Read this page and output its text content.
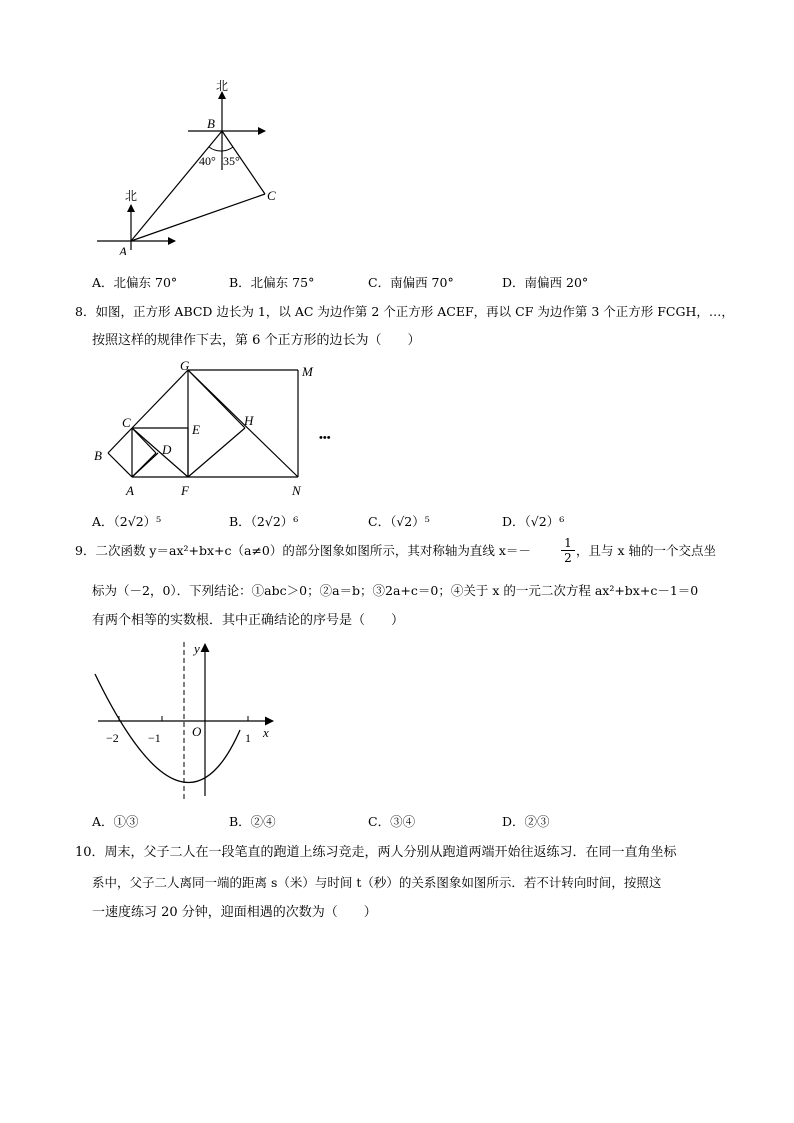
北
北
B
C
A
40° 35°
A．北偏东 70°	B．北偏东 75°	C．南偏西 70°	D．南偏西 20°
8．如图，正方形 ABCD 边长为 1，以 AC 为边作第 2 个正方形 ACEF，再以 CF 为边作第 3 个正方形 FCGH，…，
按照这样的规律作下去，第 6 个正方形的边长为（　　）
G	M
C	E
H
B	D
A	F	N
•••
A．（2√2）⁵	B．（2√2）⁶	C．（√2）⁵	D．（√2）⁶
9．二次函数 y＝ax²+bx+c（a≠0）的部分图象如图所示，其对称轴为直线 x＝－	$\frac{1}{2}$ ，且与 x 轴的一个交点坐
标为（－2，0）．下列结论：①abc＞0；②a＝b；③2a+c＝0；④关于 x 的一元二次方程 ax²+bx+c－1＝0
有两个相等的实数根．其中正确结论的序号是（　　）
y
x
O
−2 −1	1
A．①③	B．②④	C．③④	D．②③
10．周末，父子二人在一段笔直的跑道上练习竞走，两人分别从跑道两端开始往返练习．在同一直角坐标
系中，父子二人离同一端的距离 s（米）与时间 t（秒）的关系图象如图所示．若不计转向时间，按照这
一速度练习 20 分钟，迎面相遇的次数为（　　）
